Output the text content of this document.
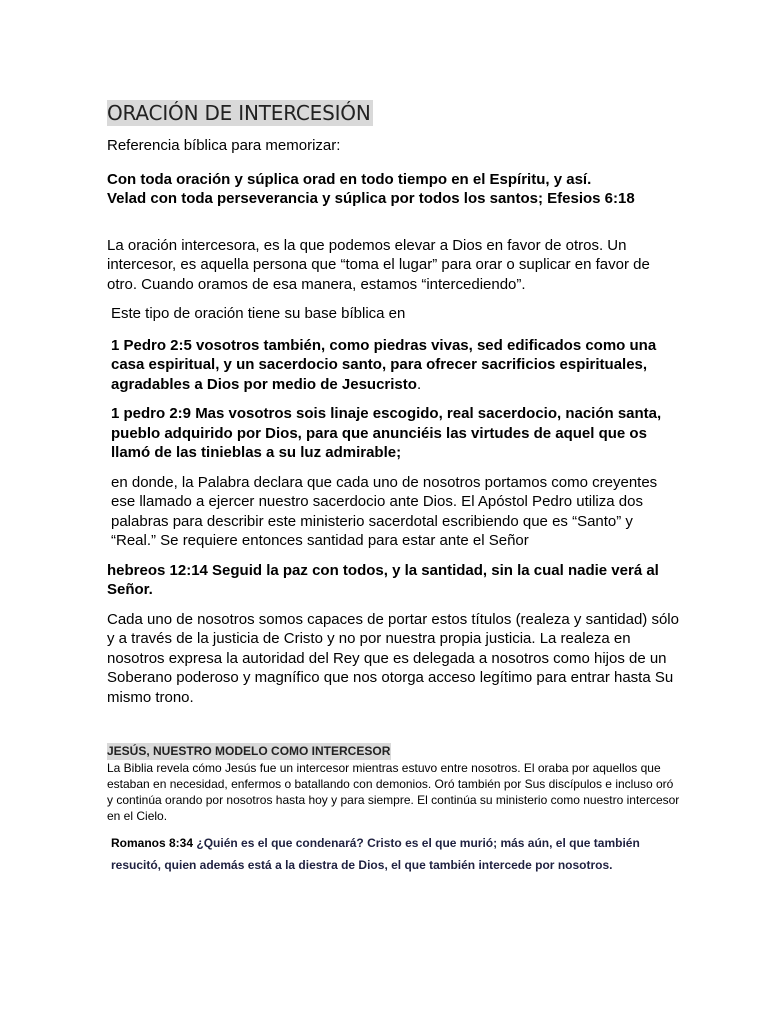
ORACIÓN DE INTERCESIÓN

Referencia bíblica para memorizar:

Con toda oración y súplica orad en todo tiempo en el Espíritu, y así.
Velad con toda perseverancia y súplica por todos los santos; Efesios 6:18

La oración intercesora, es la que podemos elevar a Dios en favor de otros. Un intercesor, es aquella persona que “toma el lugar” para orar o suplicar en favor de otro. Cuando oramos de esa manera, estamos “intercediendo”.

Este tipo de oración tiene su base bíblica en

1 Pedro 2:5 vosotros también, como piedras vivas, sed edificados como una casa espiritual, y un sacerdocio santo, para ofrecer sacrificios espirituales, agradables a Dios por medio de Jesucristo.

1 pedro 2:9 Mas vosotros sois linaje escogido, real sacerdocio, nación santa, pueblo adquirido por Dios, para que anunciéis las virtudes de aquel que os llamó de las tinieblas a su luz admirable;

en donde, la Palabra declara que cada uno de nosotros portamos como creyentes ese llamado a ejercer nuestro sacerdocio ante Dios. El Apóstol Pedro utiliza dos palabras para describir este ministerio sacerdotal escribiendo que es “Santo” y “Real.” Se requiere entonces santidad para estar ante el Señor

hebreos 12:14 Seguid la paz con todos, y la santidad, sin la cual nadie verá al Señor.

Cada uno de nosotros somos capaces de portar estos títulos (realeza y santidad) sólo y a través de la justicia de Cristo y no por nuestra propia justicia. La realeza en nosotros expresa la autoridad del Rey que es delegada a nosotros como hijos de un Soberano poderoso y magnífico que nos otorga acceso legítimo para entrar hasta Su mismo trono.

JESÚS, NUESTRO MODELO COMO INTERCESOR

La Biblia revela cómo Jesús fue un intercesor mientras estuvo entre nosotros. El oraba por aquellos que estaban en necesidad, enfermos o batallando con demonios. Oró también por Sus discípulos e incluso oró y continúa orando por nosotros hasta hoy y para siempre. El continúa su ministerio como nuestro intercesor en el Cielo.

Romanos 8:34 ¿Quién es el que condenará? Cristo es el que murió; más aún, el que también resucitó, quien además está a la diestra de Dios, el que también intercede por nosotros.
